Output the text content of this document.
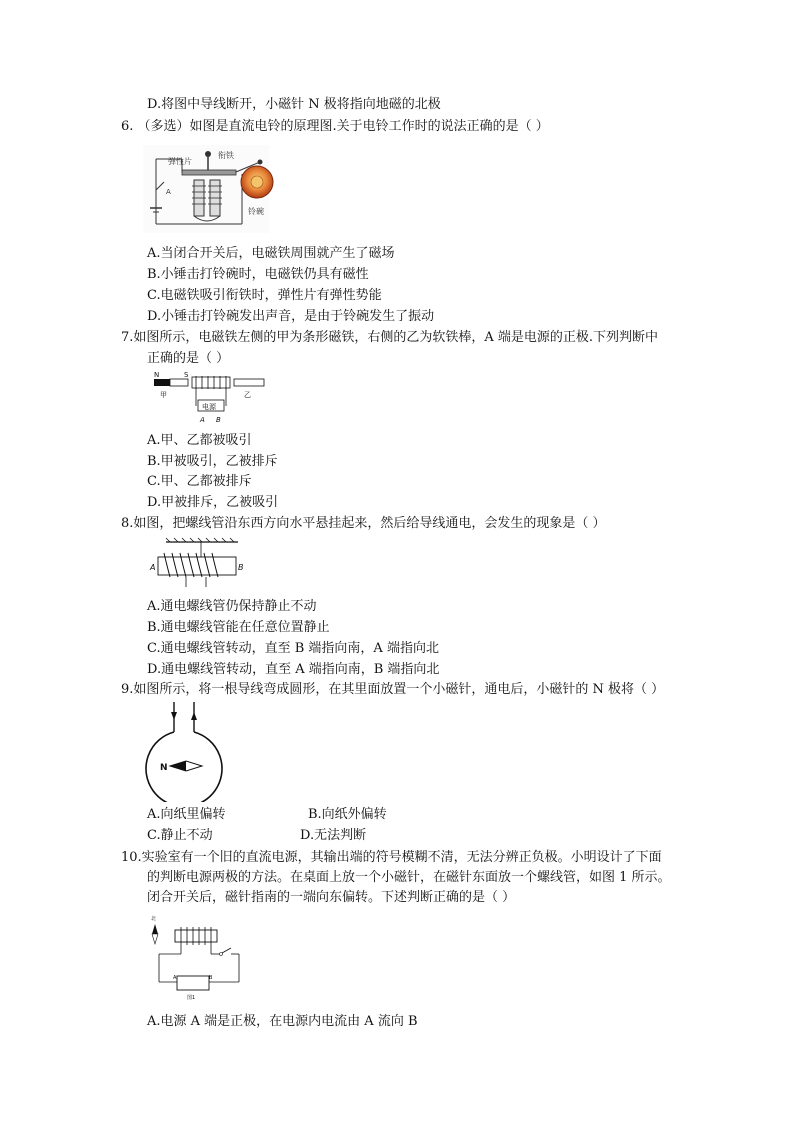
D.将图中导线断开，小磁针 N 极将指向地磁的北极
6. （多选）如图是直流电铃的原理图.关于电铃工作时的说法正确的是（ ）
A
弹性片
衔铁
铃碗
A.当闭合开关后，电磁铁周围就产生了磁场
B.小锤击打铃碗时，电磁铁仍具有磁性
C.电磁铁吸引衔铁时，弹性片有弹性势能
D.小锤击打铃碗发出声音，是由于铃碗发生了振动
7.如图所示，电磁铁左侧的甲为条形磁铁，右侧的乙为软铁棒，A 端是电源的正极.下列判断中
正确的是（ ）
N	S
甲	乙
电源
A B
A.甲、乙都被吸引
B.甲被吸引，乙被排斥
C.甲、乙都被排斥
D.甲被排斥，乙被吸引
8.如图，把螺线管沿东西方向水平悬挂起来，然后给导线通电，会发生的现象是（ ）
A	B
A.通电螺线管仍保持静止不动
B.通电螺线管能在任意位置静止
C.通电螺线管转动，直至 B 端指向南，A 端指向北
D.通电螺线管转动，直至 A 端指向南，B 端指向北
9.如图所示，将一根导线弯成圆形，在其里面放置一个小磁针，通电后，小磁针的 N 极将（ ）
N
A.向纸里偏转	B.向纸外偏转
C.静止不动	D.无法判断
10.实验室有一个旧的直流电源，其输出端的符号模糊不清，无法分辨正负极。小明设计了下面
的判断电源两极的方法。在桌面上放一个小磁针，在磁针东面放一个螺线管，如图 1 所示。
闭合开关后，磁针指南的一端向东偏转。下述判断正确的是（ ）
北
A	B
图1
A.电源 A 端是正极，在电源内电流由 A 流向 B
